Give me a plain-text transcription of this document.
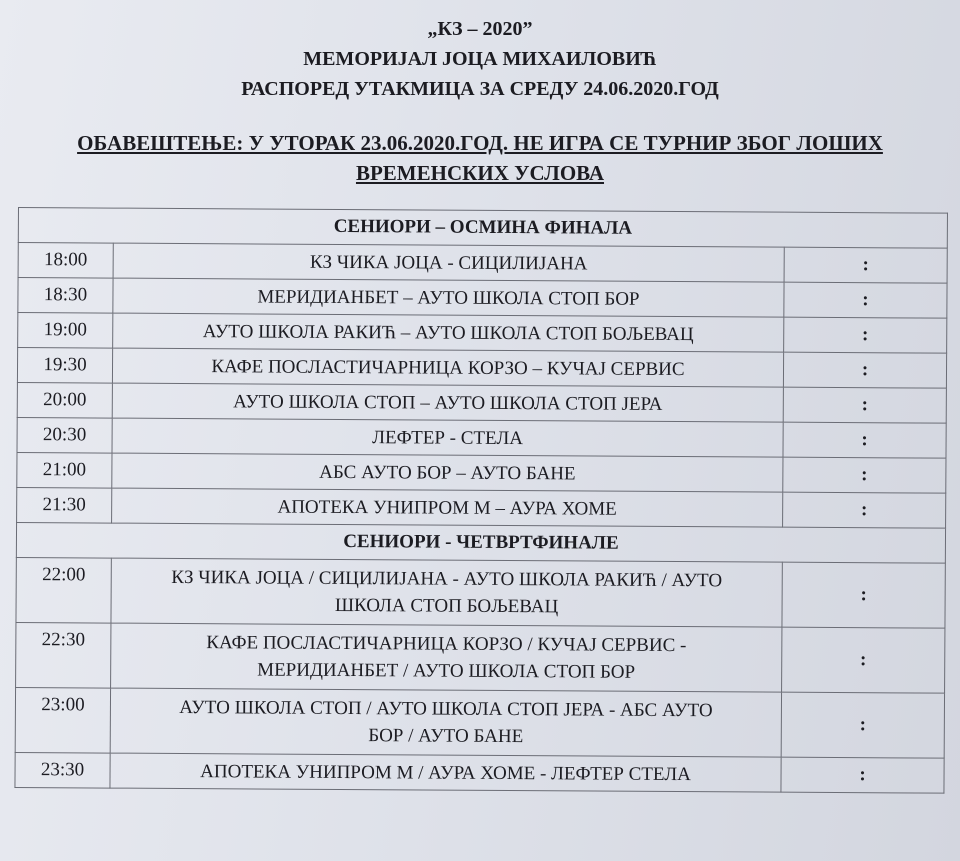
„КЗ – 2020”
МЕМОРИЈАЛ ЈОЦА МИХАИЛОВИЋ
РАСПОРЕД УТАКМИЦА ЗА СРЕДУ 24.06.2020.ГОД
ОБАВЕШТЕЊЕ: У УТОРАК 23.06.2020.ГОД. НЕ ИГРА СЕ ТУРНИР ЗБОГ ЛОШИХ
ВРЕМЕНСКИХ УСЛОВА
СЕНИОРИ – ОСМИНА ФИНАЛА		
18:00	КЗ ЧИКА ЈОЦА - СИЦИЛИЈАНА	:
18:30	МЕРИДИАНБЕТ – АУТО ШКОЛА СТОП БОР	:
19:00	АУТО ШКОЛА РАКИЋ – АУТО ШКОЛА СТОП БОЉЕВАЦ	:
19:30	КАФЕ ПОСЛАСТИЧАРНИЦА КОРЗО – КУЧАЈ СЕРВИС	:
20:00	АУТО ШКОЛА СТОП – АУТО ШКОЛА СТОП ЈЕРА	:
20:30	ЛЕФТЕР - СТЕЛА	:
21:00	АБС АУТО БОР – АУТО БАНЕ	:
21:30	АПОТЕКА УНИПРОМ М – АУРА ХОМЕ	:
СЕНИОРИ - ЧЕТВРТФИНАЛЕ		
22:00	КЗ ЧИКА ЈОЦА / СИЦИЛИЈАНА - АУТО ШКОЛА РАКИЋ / АУТО
ШКОЛА СТОП БОЉЕВАЦ	:
22:30	КАФЕ ПОСЛАСТИЧАРНИЦА КОРЗО / КУЧАЈ СЕРВИС -
МЕРИДИАНБЕТ / АУТО ШКОЛА СТОП БОР	:
23:00	АУТО ШКОЛА СТОП / АУТО ШКОЛА СТОП ЈЕРА - АБС АУТО
БОР / АУТО БАНЕ	:
23:30	АПОТЕКА УНИПРОМ М / АУРА ХОМЕ - ЛЕФТЕР СТЕЛА	:
